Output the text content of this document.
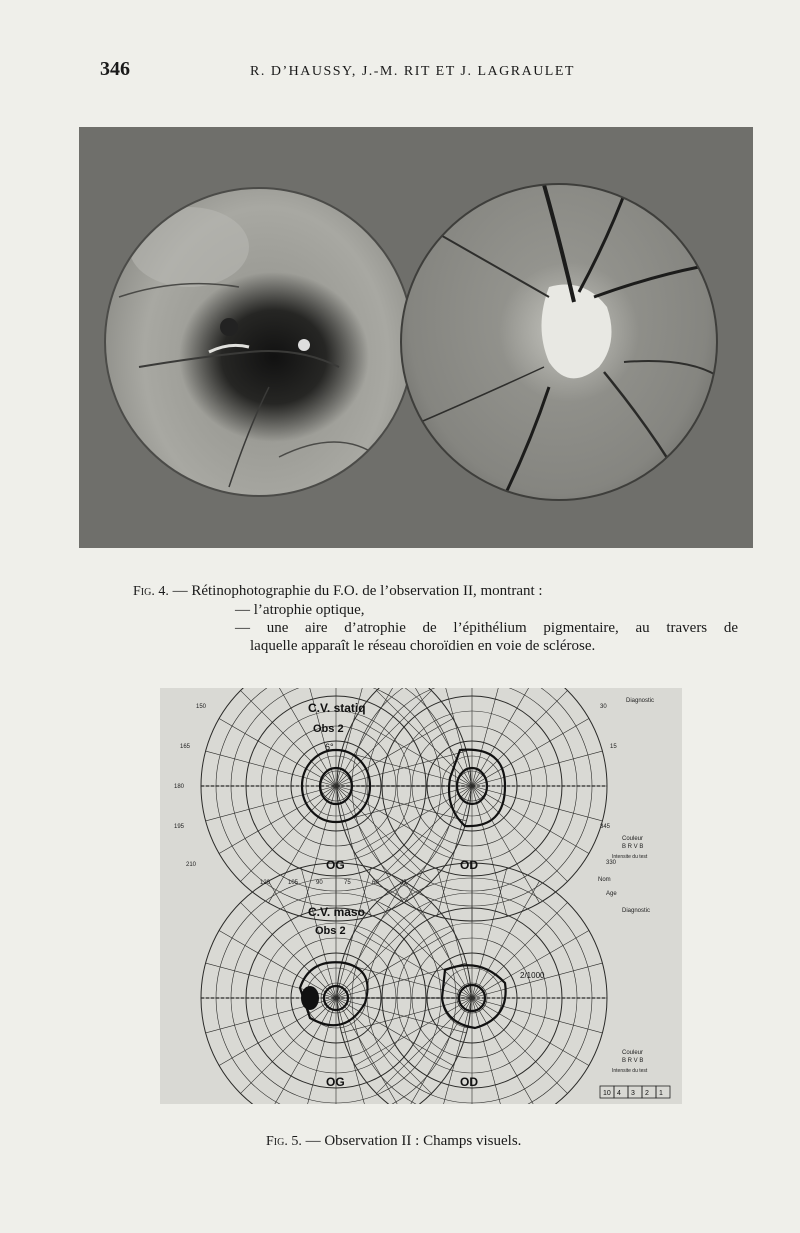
346	R. D’HAUSSY, J.-M. RIT ET J. LAGRAULET
Fig. 4. — Rétinophotographie du F.O. de l’observation II, montrant :
— l’atrophie optique,
— une aire d’atrophie de l’épithélium pigmentaire, au travers de
laquelle apparaît le réseau choroïdien en voie de sclérose.
C.V. statiq
Obs 2
C.V. maso
Obs 2
OG	OD
OG	OD
Diagnostic
Diagnostic
Nom
Age
Couleur
B R V B
Intensite du test
Couleur
B R V B
Intensite du test
6°
2/1000
120	105	90	75	60	45
150
165
180
195
210
345
330
15
30
10 4 3 2 1
Fig. 5. — Observation II : Champs visuels.
